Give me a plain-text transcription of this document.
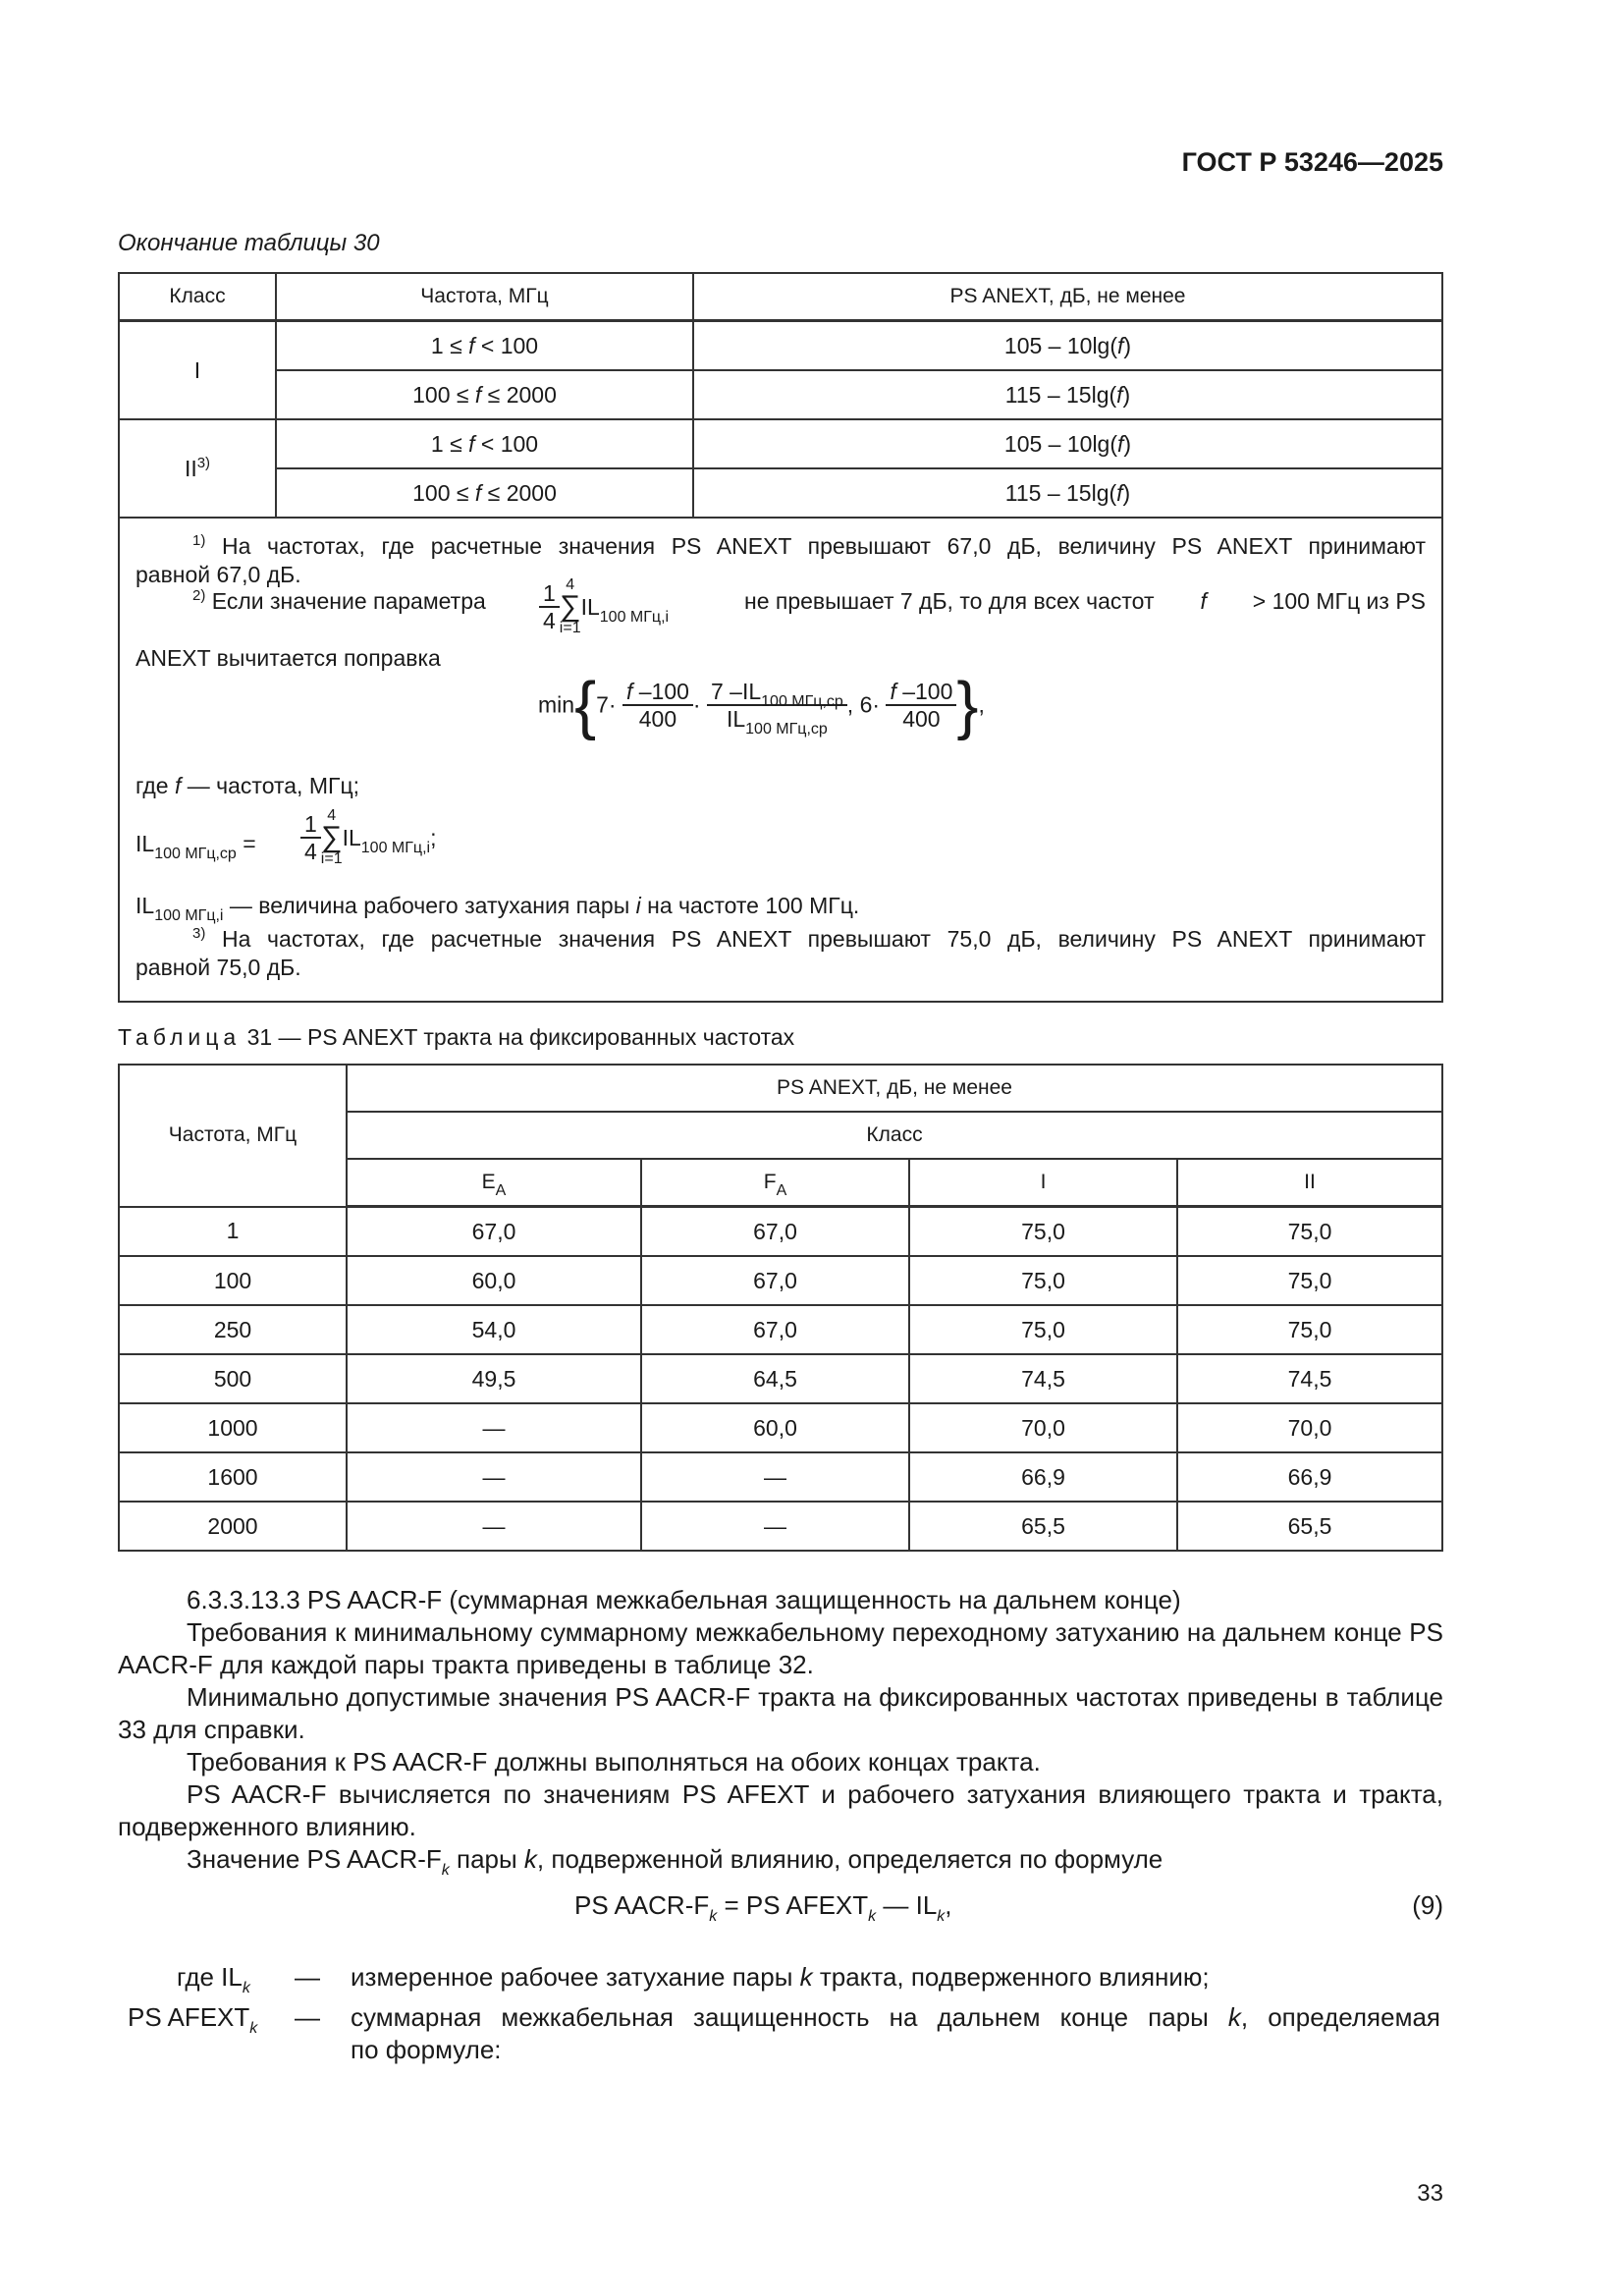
ГОСТ Р 53246—2025
Окончание таблицы 30
Класс	Частота, МГц	PS ANEXT, дБ, не менее
I	1 ≤ f < 100	105 – 10lg(f)
	100 ≤ f ≤ 2000	115 – 15lg(f)
II$^{3)}$	1 ≤ f < 100	105 – 10lg(f)
	100 ≤ f ≤ 2000	115 – 15lg(f)
$^{1)}$ На частотах, где расчетные значения PS ANEXT превышают 67,0 дБ, величину PS ANEXT принимают
равной 67,0 дБ.
$^{2)}$ Если значение параметра $\frac{1}{4} 4$
∑
i=1
$IL_{100 МГц,i}$
не превышает 7 дБ, то для всех частот f > 100 МГц из PS
ANEXT вычитается поправка
$\min\{7\cdot \frac{f -100}{400} \cdot \frac{7 -IL_{100 МГц,ср}}{IL_{100 МГц,ср}}$ , $6\cdot \frac{f -100}{400}$ },
где f — частота, МГц;
$IL_{100 МГц,ср} = \frac{1}{4} 4$
∑
i=1
$IL_{100 МГц,i}$;
$IL_{100 МГц,i}$ — величина рабочего затухания пары i на частоте 100 МГц.
$^{3)}$ На частотах, где расчетные значения PS ANEXT превышают 75,0 дБ, величину PS ANEXT принимают
равной 75,0 дБ.
Таблица 31 — PS ANEXT тракта на фиксированных частотах
Частота, МГц	PS ANEXT, дБ, не менее			
	Класс			
	$E_A$	$F_A$	I	II
1	67,0	67,0	75,0	75,0
100	60,0	67,0	75,0	75,0
250	54,0	67,0	75,0	75,0
500	49,5	64,5	74,5	74,5
1000	—	60,0	70,0	70,0
1600	—	—	66,9	66,9
2000	—	—	65,5	65,5
6.3.3.13.3 PS AACR-F (суммарная межкабельная защищенность на дальнем конце)
Требования к минимальному суммарному межкабельному переходному затуханию на дальнем конце PS AACR-F для каждой пары тракта приведены в таблице 32.
Минимально допустимые значения PS AACR-F тракта на фиксированных частотах приведены в таблице 33 для справки.
Требования к PS AACR-F должны выполняться на обоих концах тракта.
PS AACR-F вычисляется по значениям PS AFEXT и рабочего затухания влияющего тракта и тракта, подверженного влиянию.
Значение PS AACR-$F_k$ пары k, подверженной влиянию, определяется по формуле
PS AACR-$F_k$ = PS $AFEXT_k$ — $IL_k$,	(9)
где $IL_k$ — измеренное рабочее затухание пары k тракта, подверженного влиянию;
PS $AFEXT_k$ — суммарная межкабельная защищенность на дальнем конце пары k, определяемая
по формуле:
33
